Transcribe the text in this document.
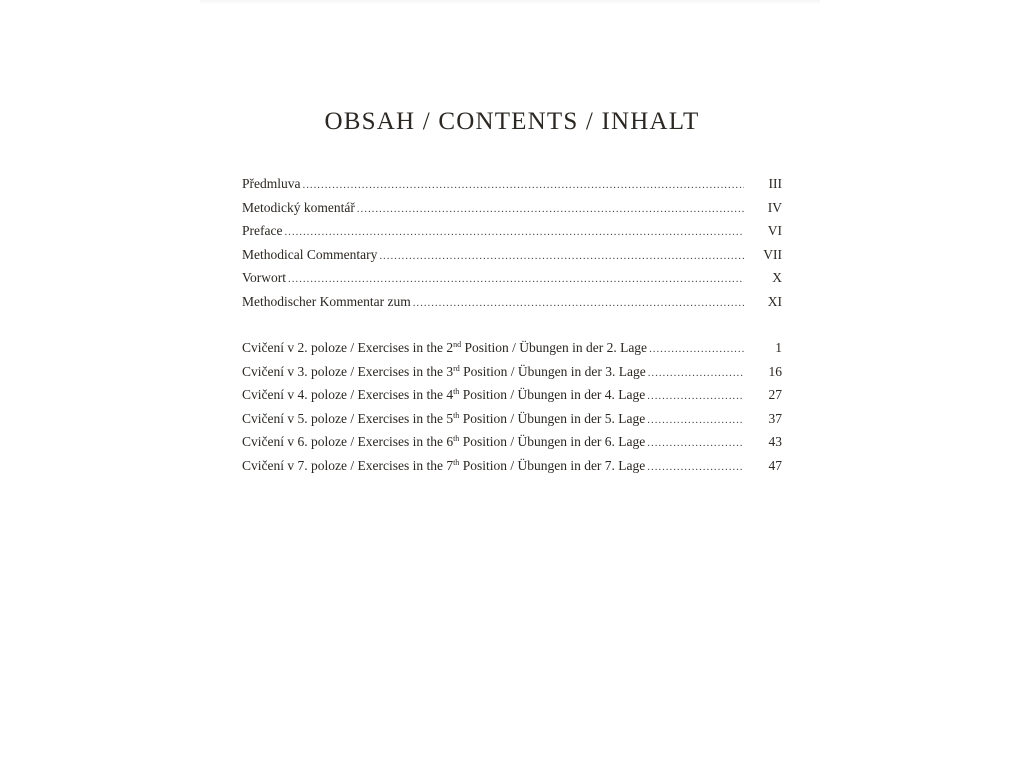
OBSAH / CONTENTS / INHALT
Předmluva . . .	III
Metodický komentář . . .	IV
Preface . . .	VI
Methodical Commentary . . .	VII
Vorwort . . .	X
Methodischer Kommentar zum . . .	XI
Cvičení v 2. poloze / Exercises in the 2nd Position / Übungen in der 2. Lage . . .	1
Cvičení v 3. poloze / Exercises in the 3rd Position / Übungen in der 3. Lage . . .	16
Cvičení v 4. poloze / Exercises in the 4th Position / Übungen in der 4. Lage . . .	27
Cvičení v 5. poloze / Exercises in the 5th Position / Übungen in der 5. Lage . . .	37
Cvičení v 6. poloze / Exercises in the 6th Position / Übungen in der 6. Lage . . .	43
Cvičení v 7. poloze / Exercises in the 7th Position / Übungen in der 7. Lage . . .	47
